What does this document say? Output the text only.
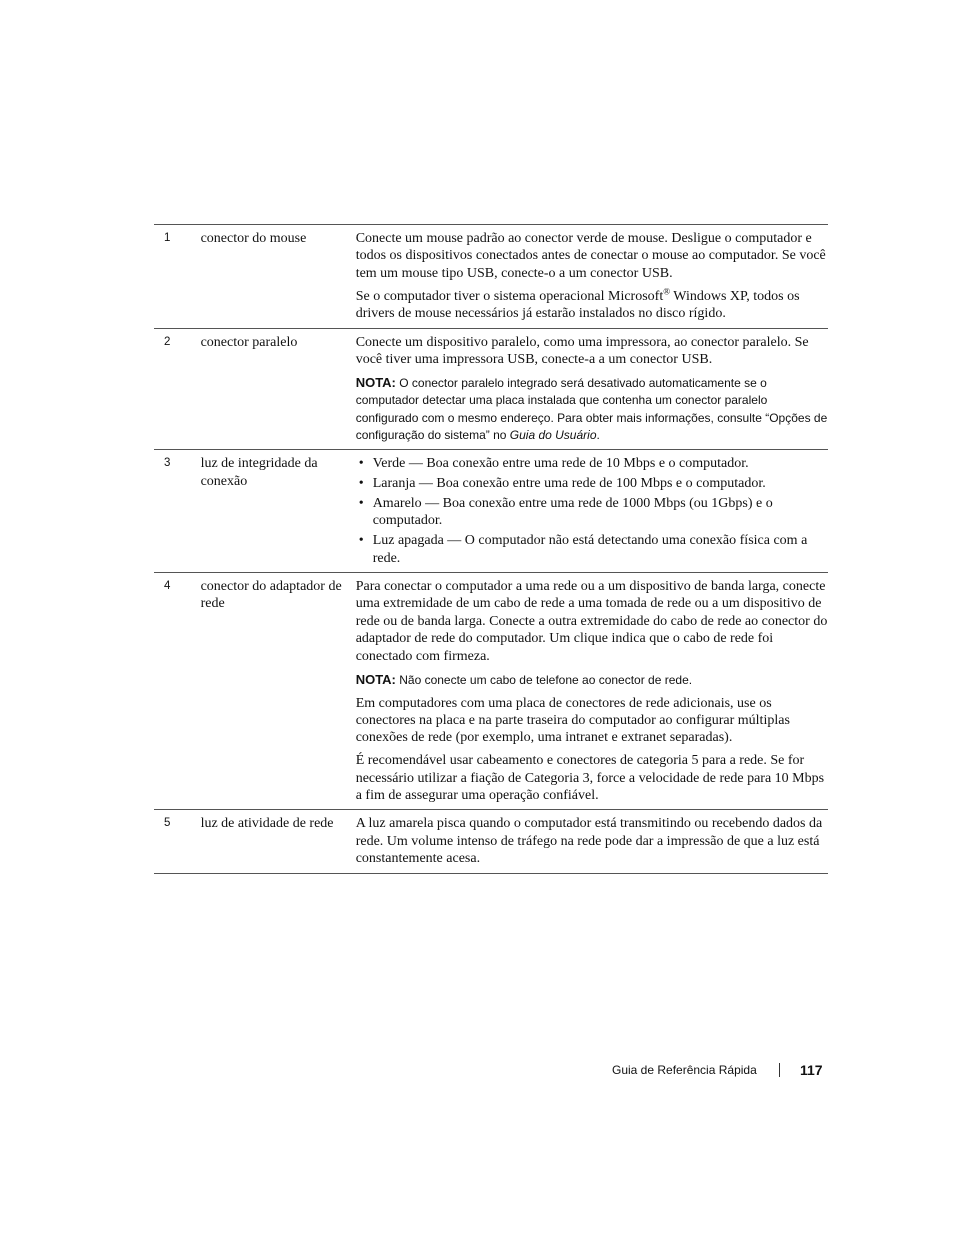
1	conector do mouse	Conecte um mouse padrão ao conector verde de mouse. Desligue o computador e todos os dispositivos conectados antes de conectar o mouse ao computador. Se você tem um mouse tipo USB, conecte-o a um conector USB.

Se o computador tiver o sistema operacional Microsoft® Windows XP, todos os drivers de mouse necessários já estarão instalados no disco rígido.

2	conector paralelo	Conecte um dispositivo paralelo, como uma impressora, ao conector paralelo. Se você tiver uma impressora USB, conecte-a a um conector USB.

NOTA: O conector paralelo integrado será desativado automaticamente se o computador detectar uma placa instalada que contenha um conector paralelo configurado com o mesmo endereço. Para obter mais informações, consulte “Opções de configuração do sistema” no Guia do Usuário.
3	luz de integridade da conexão
• Verde — Boa conexão entre uma rede de 10 Mbps e o computador.
• Laranja — Boa conexão entre uma rede de 100 Mbps e o computador.
• Amarelo — Boa conexão entre uma rede de 1000 Mbps (ou 1Gbps) e o computador.
• Luz apagada — O computador não está detectando uma conexão física com a rede.
4	conector do adaptador de rede

Para conectar o computador a uma rede ou a um dispositivo de banda larga, conecte uma extremidade de um cabo de rede a uma tomada de rede ou a um dispositivo de rede ou de banda larga. Conecte a outra extremidade do cabo de rede ao conector do adaptador de rede do computador. Um clique indica que o cabo de rede foi conectado com firmeza.

NOTA: Não conecte um cabo de telefone ao conector de rede.

Em computadores com uma placa de conectores de rede adicionais, use os conectores na placa e na parte traseira do computador ao configurar múltiplas conexões de rede (por exemplo, uma intranet e extranet separadas).

É recomendável usar cabeamento e conectores de categoria 5 para a rede. Se for necessário utilizar a fiação de Categoria 3, force a velocidade de rede para 10 Mbps a fim de assegurar uma operação confiável.

5	luz de atividade de rede	A luz amarela pisca quando o computador está transmitindo ou recebendo dados da rede. Um volume intenso de tráfego na rede pode dar a impressão de que a luz está constantemente acesa.

Guia de Referência Rápida	117
